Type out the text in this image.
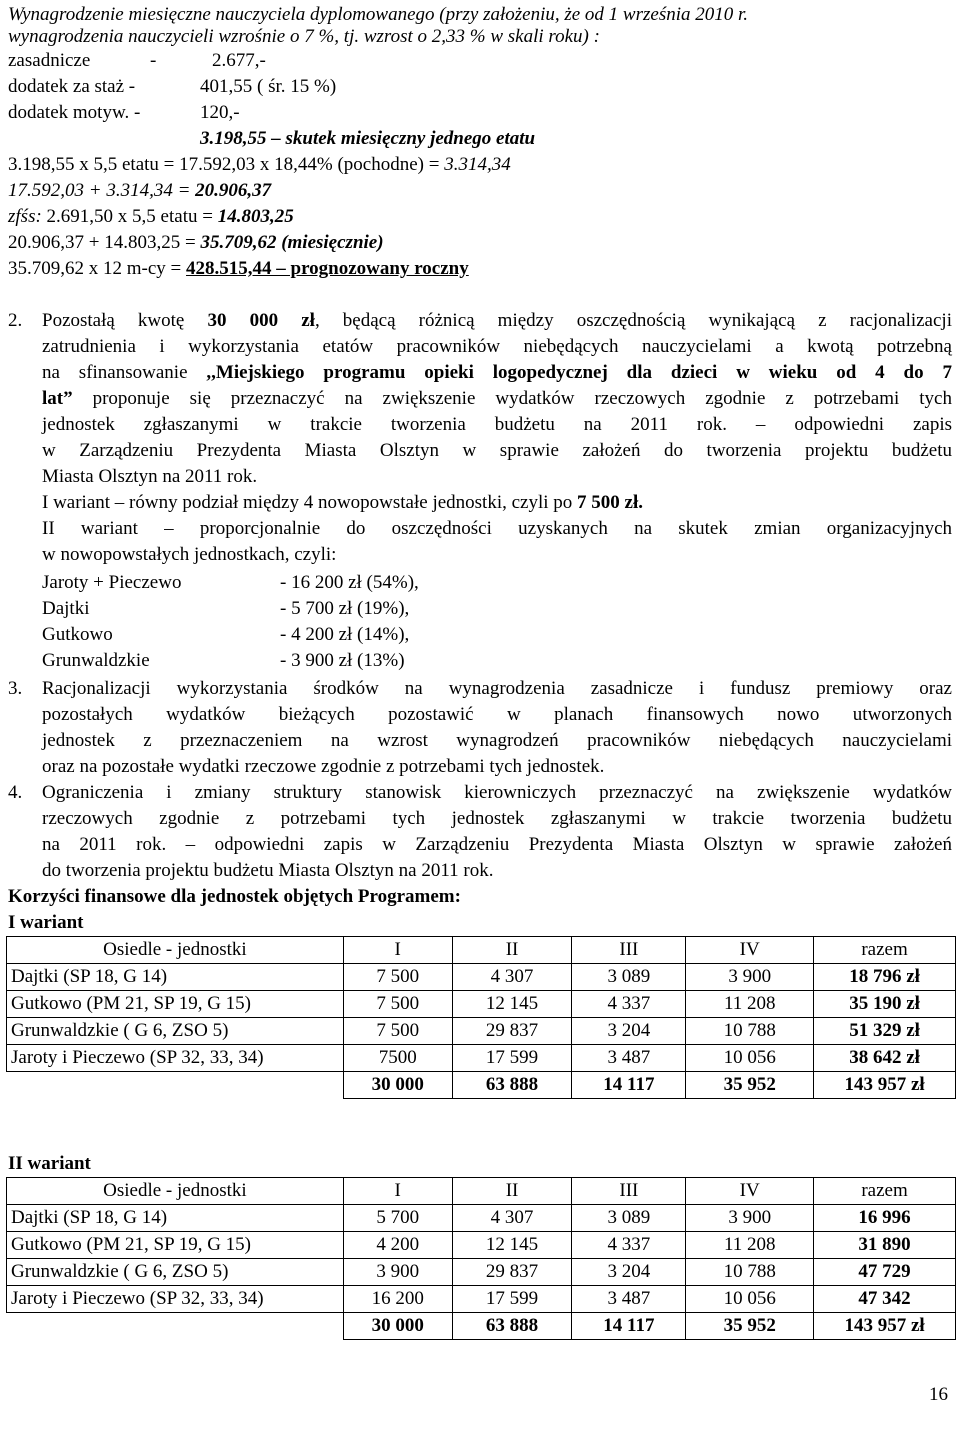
Wynagrodzenie miesięczne nauczyciela dyplomowanego (przy założeniu, że od 1 września 2010 r.
wynagrodzenia nauczycieli wzrośnie o 7 %, tj. wzrost o 2,33 % w skali roku) :
zasadnicze	-	2.677,-
dodatek za staż -	401,55 ( śr. 15 %)
dodatek motyw. -	120,-
3.198,55 – skutek miesięczny jednego etatu
3.198,55 x 5,5 etatu = 17.592,03 x 18,44% (pochodne) = 3.314,34
17.592,03 + 3.314,34 = 20.906,37
zfśs: 2.691,50 x 5,5 etatu = 14.803,25
20.906,37 + 14.803,25 = 35.709,62 (miesięcznie)
35.709,62 x 12 m-cy = 428.515,44 – prognozowany roczny
2. Pozostałą kwotę 30 000 zł, będącą różnicą między oszczędnością wynikającą z racjonalizacji
zatrudnienia i wykorzystania etatów pracowników niebędących nauczycielami a kwotą potrzebną
na sfinansowanie ,,Miejskiego programu opieki logopedycznej dla dzieci w wieku od 4 do 7
lat” proponuje się przeznaczyć na zwiększenie wydatków rzeczowych zgodnie z potrzebami tych
jednostek zgłaszanymi w trakcie tworzenia budżetu na 2011 rok. – odpowiedni zapis
w Zarządzeniu Prezydenta Miasta Olsztyn w sprawie założeń do tworzenia projektu budżetu
Miasta Olsztyn na 2011 rok.
I wariant – równy podział między 4 nowopowstałe jednostki, czyli po 7 500 zł.
II wariant – proporcjonalnie do oszczędności uzyskanych na skutek zmian organizacyjnych
w nowopowstałych jednostkach, czyli:
Jaroty + Pieczewo	- 16 200 zł (54%),
Dajtki	- 5 700 zł (19%),
Gutkowo	- 4 200 zł (14%),
Grunwaldzkie	- 3 900 zł (13%)
3. Racjonalizacji wykorzystania środków na wynagrodzenia zasadnicze i fundusz premiowy oraz
pozostałych wydatków bieżących pozostawić w planach finansowych nowo utworzonych
jednostek z przeznaczeniem na wzrost wynagrodzeń pracowników niebędących nauczycielami
oraz na pozostałe wydatki rzeczowe zgodnie z potrzebami tych jednostek.
4. Ograniczenia i zmiany struktury stanowisk kierowniczych przeznaczyć na zwiększenie wydatków
rzeczowych zgodnie z potrzebami tych jednostek zgłaszanymi w trakcie tworzenia budżetu
na 2011 rok. – odpowiedni zapis w Zarządzeniu Prezydenta Miasta Olsztyn w sprawie założeń
do tworzenia projektu budżetu Miasta Olsztyn na 2011 rok.
Korzyści finansowe dla jednostek objętych Programem:
I wariant
Osiedle - jednostki	I	II	III	IV	razem
Dajtki (SP 18, G 14)	7 500	4 307	3 089	3 900	18 796 zł
Gutkowo (PM 21, SP 19, G 15)	7 500	12 145	4 337	11 208	35 190 zł
Grunwaldzkie ( G 6, ZSO 5)	7 500	29 837	3 204	10 788	51 329 zł
Jaroty i Pieczewo (SP 32, 33, 34)	7500	17 599	3 487	10 056	38 642 zł
	30 000	63 888	14 117	35 952	143 957 zł
II wariant
Osiedle - jednostki	I	II	III	IV	razem
Dajtki (SP 18, G 14)	5 700	4 307	3 089	3 900	16 996
Gutkowo (PM 21, SP 19, G 15)	4 200	12 145	4 337	11 208	31 890
Grunwaldzkie ( G 6, ZSO 5)	3 900	29 837	3 204	10 788	47 729
Jaroty i Pieczewo (SP 32, 33, 34)	16 200	17 599	3 487	10 056	47 342
	30 000	63 888	14 117	35 952	143 957 zł
16
